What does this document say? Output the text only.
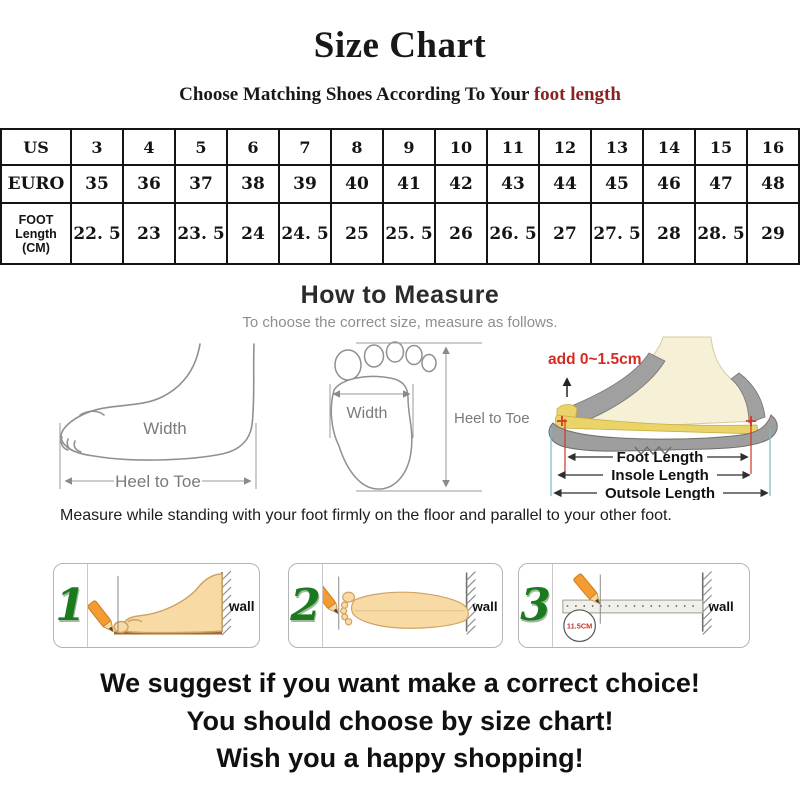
Size Chart
Choose Matching Shoes According To Your foot length
US	3	4	5	6	7	8	9	10	11	12	13	14	15	16
EURO	35	36	37	38	39	40	41	42	43	44	45	46	47	48
FOOT Length (CM)	22. 5	23	23. 5	24	24. 5	25	25. 5	26	26. 5	27	27. 5	28	28. 5	29
How to Measure
To choose the correct size, measure as follows.
Width
Heel to Toe
Width	Heel to Toe
add 0~1.5cm
Foot Length
Insole Length
Outsole Length
Measure while standing with your foot firmly on the floor and parallel to your other foot.
1	wall 2	wall 3 11.5CM
wall
We suggest if you want make a correct choice!
You should choose by size chart!
Wish you a happy shopping!
